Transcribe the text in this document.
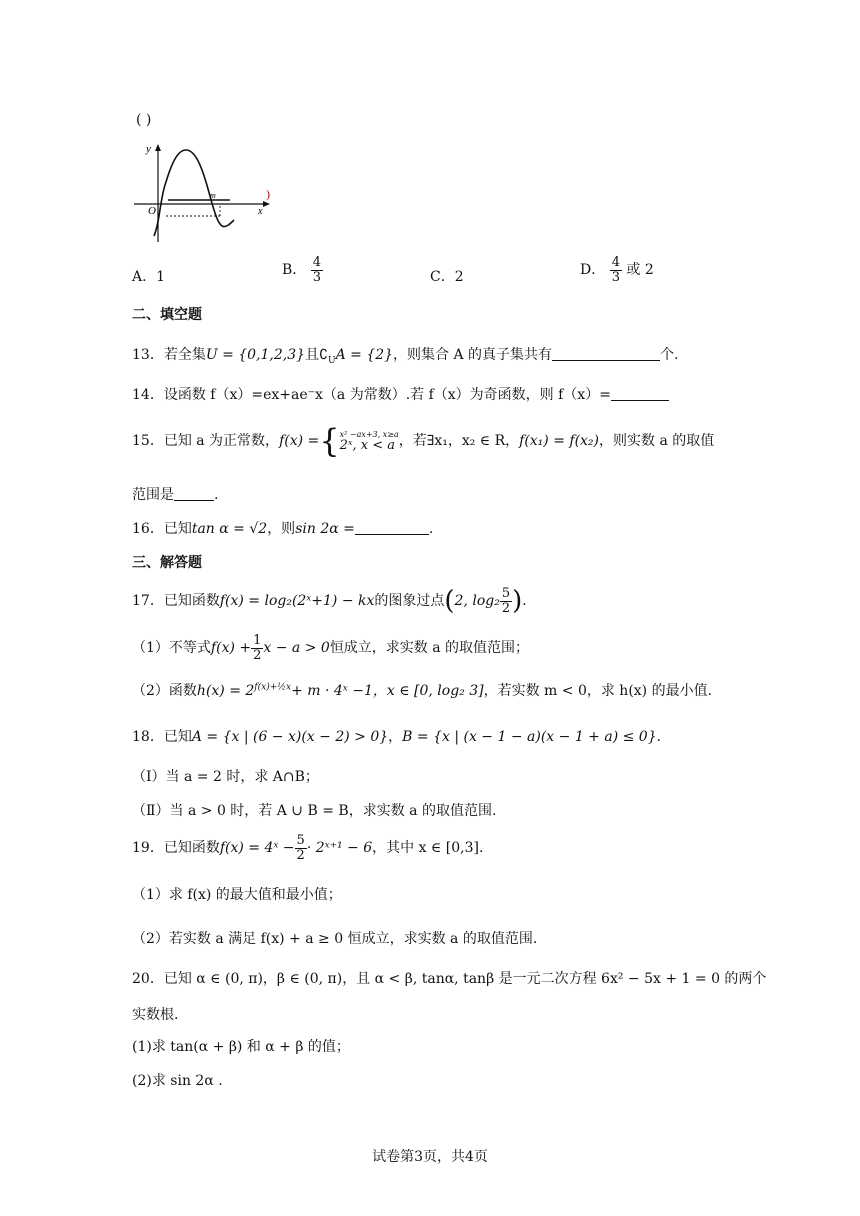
( )
y
x
O
m	)
A．1	B． $\frac{4}{3}$	C．2	D． $\frac{4}{3}$ 或 2
二、填空题
13．若全集U = {0,1,2,3}且$∁_UA = \{2\}$，则集合 A 的真子集共有	个.
14．设函数 f（x）=ex+ae⁻x（a 为常数）.若 f（x）为奇函数，则 f（x）=
15．已知 a 为正常数，f(x) ={ x² −ax+3, x≥a
2ˣ, x < a ，若∃x₁，x₂ ∈ R，f(x₁) = f(x₂)，则实数 a 的取值
范围是	.
16．已知tan α = √2，则sin 2α =	.
三、解答题
17．已知函数f(x) = log₂(2ˣ+1) − kx的图象过点(2, $\log_2 \frac{5}{2}$ ).
（1）不等式$f(x) + \frac{1}{2}$ x − a > 0恒成立，求实数 a 的取值范围；
（2）函数$h(x) = 2^{f(x)+\frac{1}{2}x}+ m$ · 4ˣ −1，x ∈ [0, log₂ 3]，若实数 m < 0，求 h(x) 的最小值.
18．已知A = {x | (6 − x)(x − 2) > 0}，B = {x | (x − 1 − a)(x − 1 + a) ≤ 0}.
（Ⅰ）当 a = 2 时，求 A∩B；
（Ⅱ）当 a > 0 时，若 A ∪ B = B，求实数 a 的取值范围.
19．已知函数f(x) = 4ˣ − $\frac{5}{2}$ · 2ˣ⁺¹ − 6，其中 x ∈ [0,3].
（1）求 f(x) 的最大值和最小值；
（2）若实数 a 满足 f(x) + a ≥ 0 恒成立，求实数 a 的取值范围.
20．已知 α ∈ (0, π)，β ∈ (0, π)，且 α < β, tanα, tanβ 是一元二次方程 6x² − 5x + 1 = 0 的两个
实数根.
(1)求 tan(α + β) 和 α + β 的值；
(2)求 sin 2α .
试卷第3页，共4页
